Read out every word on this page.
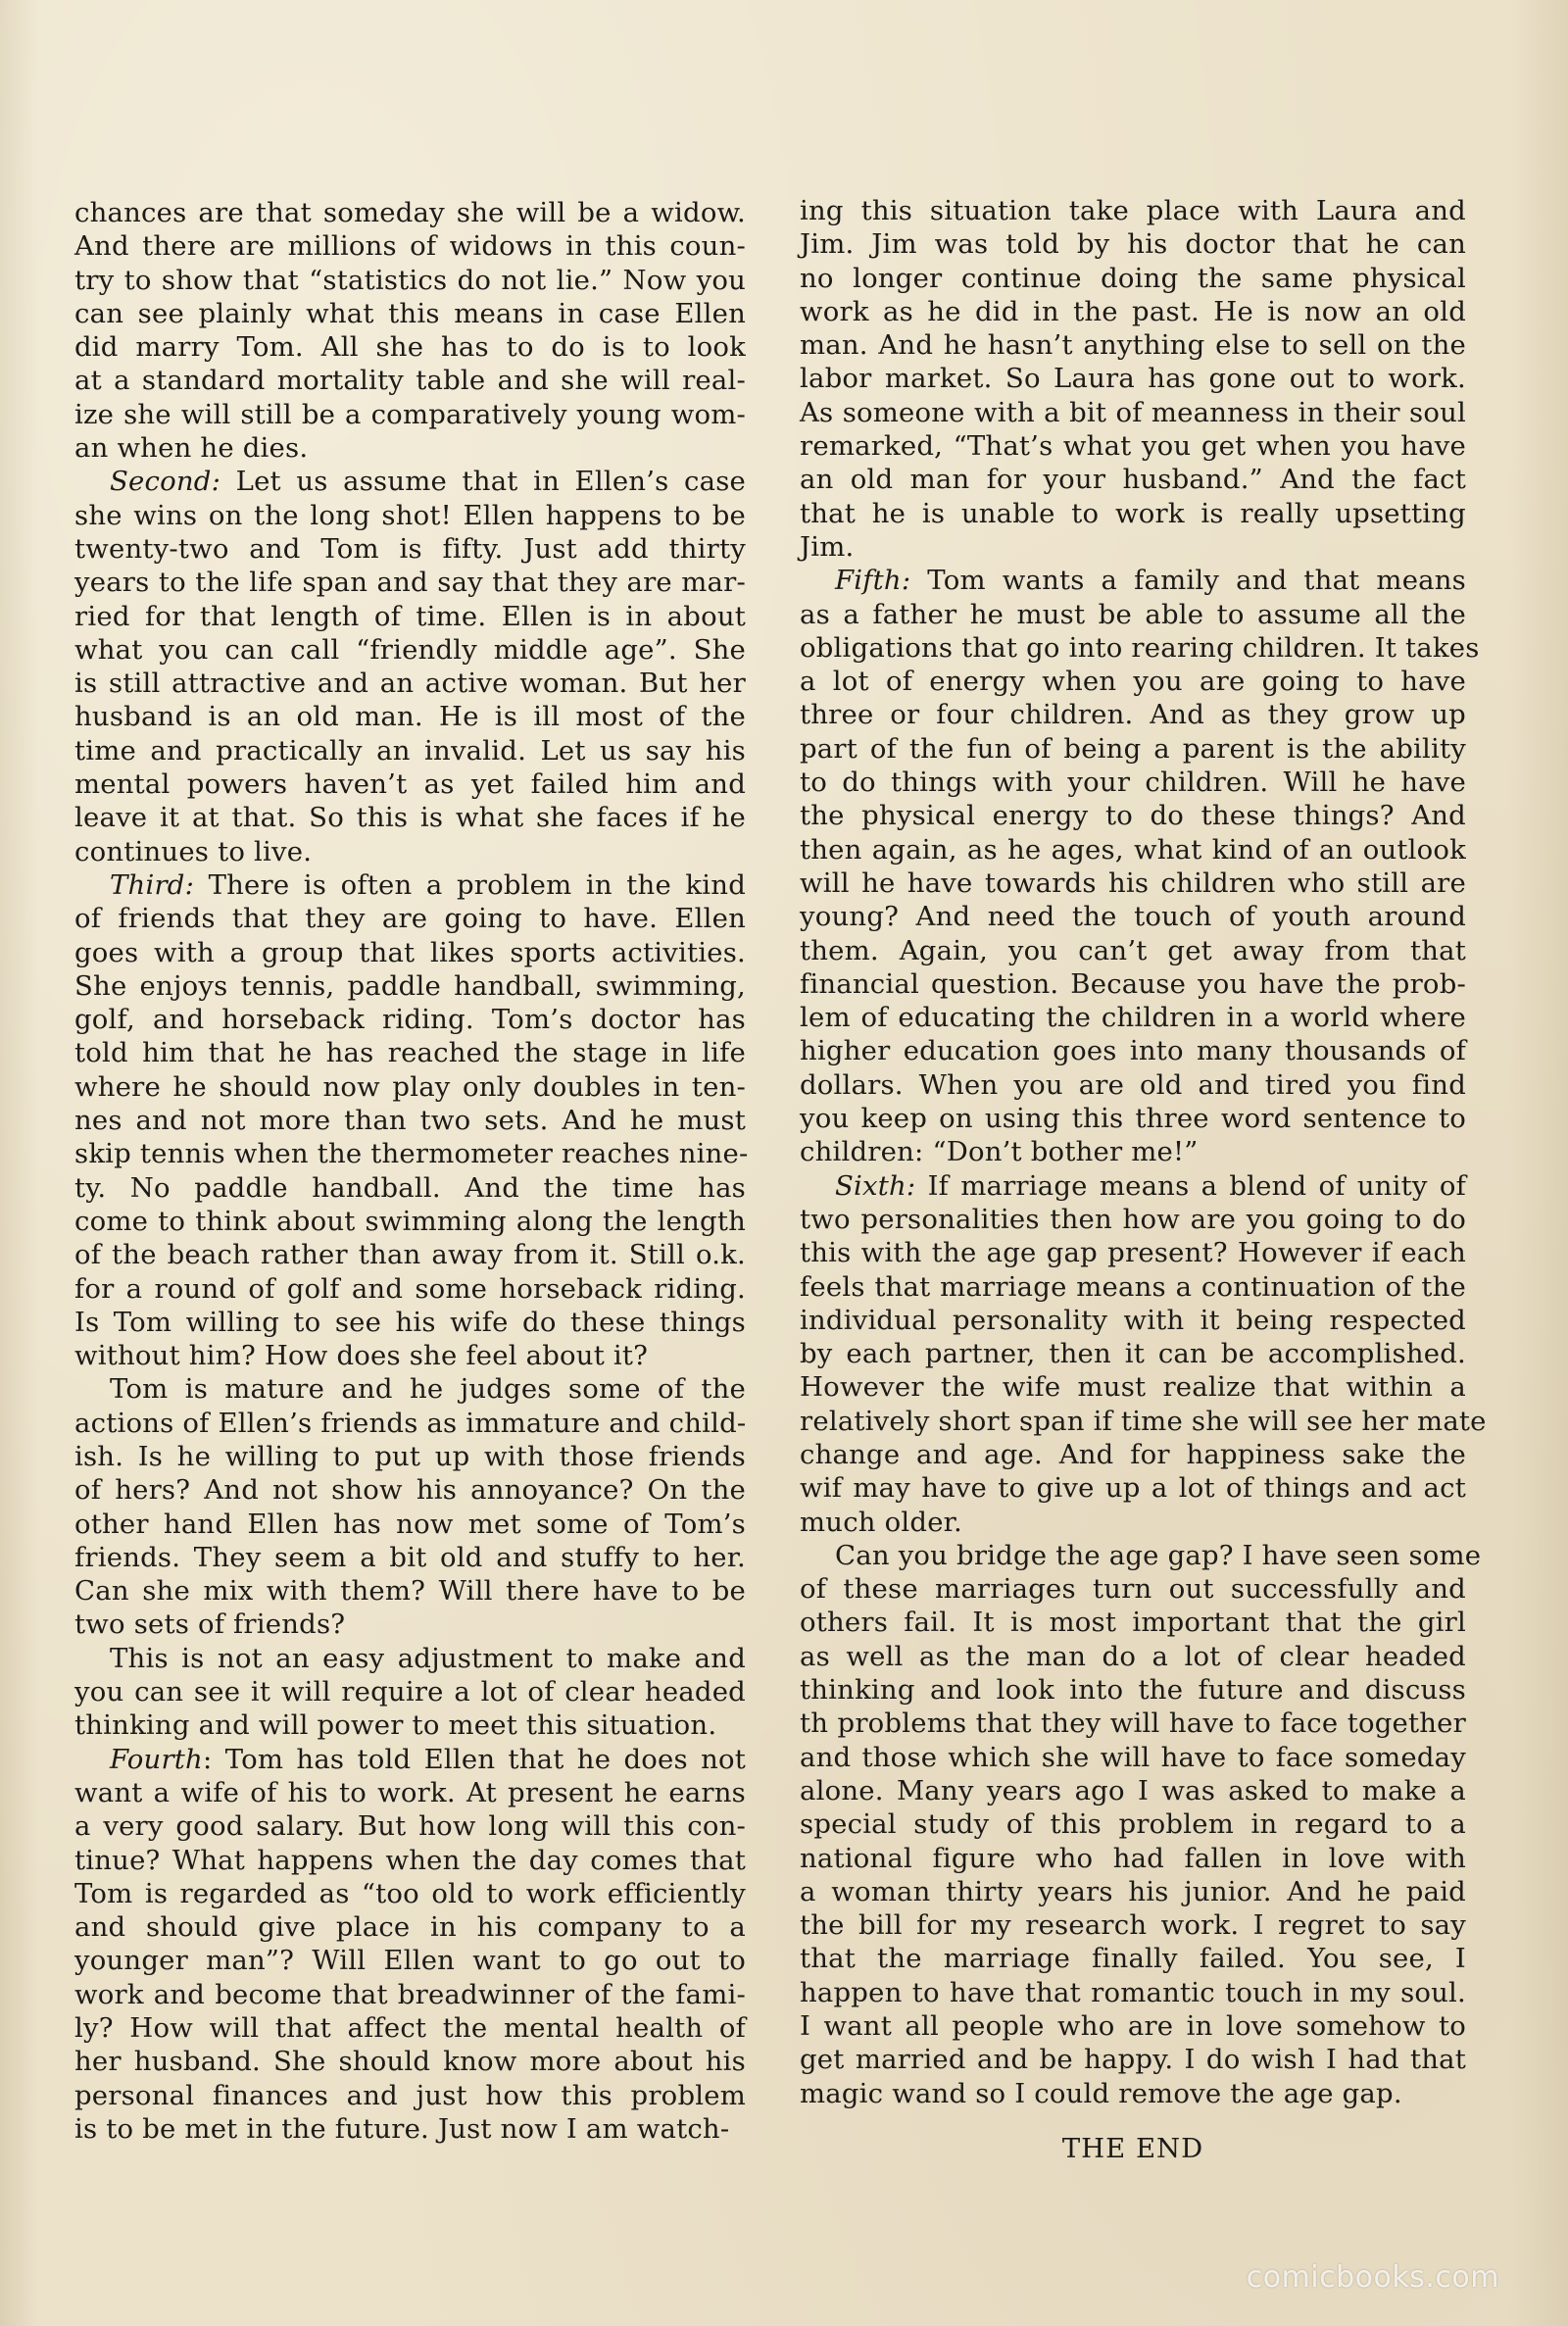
chances are that someday she will be a widow.
And there are millions of widows in this coun-
try to show that “statistics do not lie.” Now you
can see plainly what this means in case Ellen
did marry Tom. All she has to do is to look
at a standard mortality table and she will real-
ize she will still be a comparatively young wom-
an when he dies.
Second: Let us assume that in Ellen’s case
she wins on the long shot! Ellen happens to be
twenty-two and Tom is fifty. Just add thirty
years to the life span and say that they are mar-
ried for that length of time. Ellen is in about
what you can call “friendly middle age”. She
is still attractive and an active woman. But her
husband is an old man. He is ill most of the
time and practically an invalid. Let us say his
mental powers haven’t as yet failed him and
leave it at that. So this is what she faces if he
continues to live.
Third: There is often a problem in the kind
of friends that they are going to have. Ellen
goes with a group that likes sports activities.
She enjoys tennis, paddle handball, swimming,
golf, and horseback riding. Tom’s doctor has
told him that he has reached the stage in life
where he should now play only doubles in ten-
nes and not more than two sets. And he must
skip tennis when the thermometer reaches nine-
ty. No paddle handball. And the time has
come to think about swimming along the length
of the beach rather than away from it. Still o.k.
for a round of golf and some horseback riding.
Is Tom willing to see his wife do these things
without him? How does she feel about it?
Tom is mature and he judges some of the
actions of Ellen’s friends as immature and child-
ish. Is he willing to put up with those friends
of hers? And not show his annoyance? On the
other hand Ellen has now met some of Tom’s
friends. They seem a bit old and stuffy to her.
Can she mix with them? Will there have to be
two sets of friends?
This is not an easy adjustment to make and
you can see it will require a lot of clear headed
thinking and will power to meet this situation.
Fourth: Tom has told Ellen that he does not
want a wife of his to work. At present he earns
a very good salary. But how long will this con-
tinue? What happens when the day comes that
Tom is regarded as “too old to work efficiently
and should give place in his company to a
younger man”? Will Ellen want to go out to
work and become that breadwinner of the fami-
ly? How will that affect the mental health of
her husband. She should know more about his
personal finances and just how this problem
is to be met in the future. Just now I am watch-
ing this situation take place with Laura and
Jim. Jim was told by his doctor that he can
no longer continue doing the same physical
work as he did in the past. He is now an old
man. And he hasn’t anything else to sell on the
labor market. So Laura has gone out to work.
As someone with a bit of meanness in their soul
remarked, “That’s what you get when you have
an old man for your husband.” And the fact
that he is unable to work is really upsetting
Jim.
Fifth: Tom wants a family and that means
as a father he must be able to assume all the
obligations that go into rearing children. It takes
a lot of energy when you are going to have
three or four children. And as they grow up
part of the fun of being a parent is the ability
to do things with your children. Will he have
the physical energy to do these things? And
then again, as he ages, what kind of an outlook
will he have towards his children who still are
young? And need the touch of youth around
them. Again, you can’t get away from that
financial question. Because you have the prob-
lem of educating the children in a world where
higher education goes into many thousands of
dollars. When you are old and tired you find
you keep on using this three word sentence to
children: “Don’t bother me!”
Sixth: If marriage means a blend of unity of
two personalities then how are you going to do
this with the age gap present? However if each
feels that marriage means a continuation of the
individual personality with it being respected
by each partner, then it can be accomplished.
However the wife must realize that within a
relatively short span if time she will see her mate
change and age. And for happiness sake the
wif may have to give up a lot of things and act
much older.
Can you bridge the age gap? I have seen some
of these marriages turn out successfully and
others fail. It is most important that the girl
as well as the man do a lot of clear headed
thinking and look into the future and discuss
th problems that they will have to face together
and those which she will have to face someday
alone. Many years ago I was asked to make a
special study of this problem in regard to a
national figure who had fallen in love with
a woman thirty years his junior. And he paid
the bill for my research work. I regret to say
that the marriage finally failed. You see, I
happen to have that romantic touch in my soul.
I want all people who are in love somehow to
get married and be happy. I do wish I had that
magic wand so I could remove the age gap.
THE END
comicbooks.com
